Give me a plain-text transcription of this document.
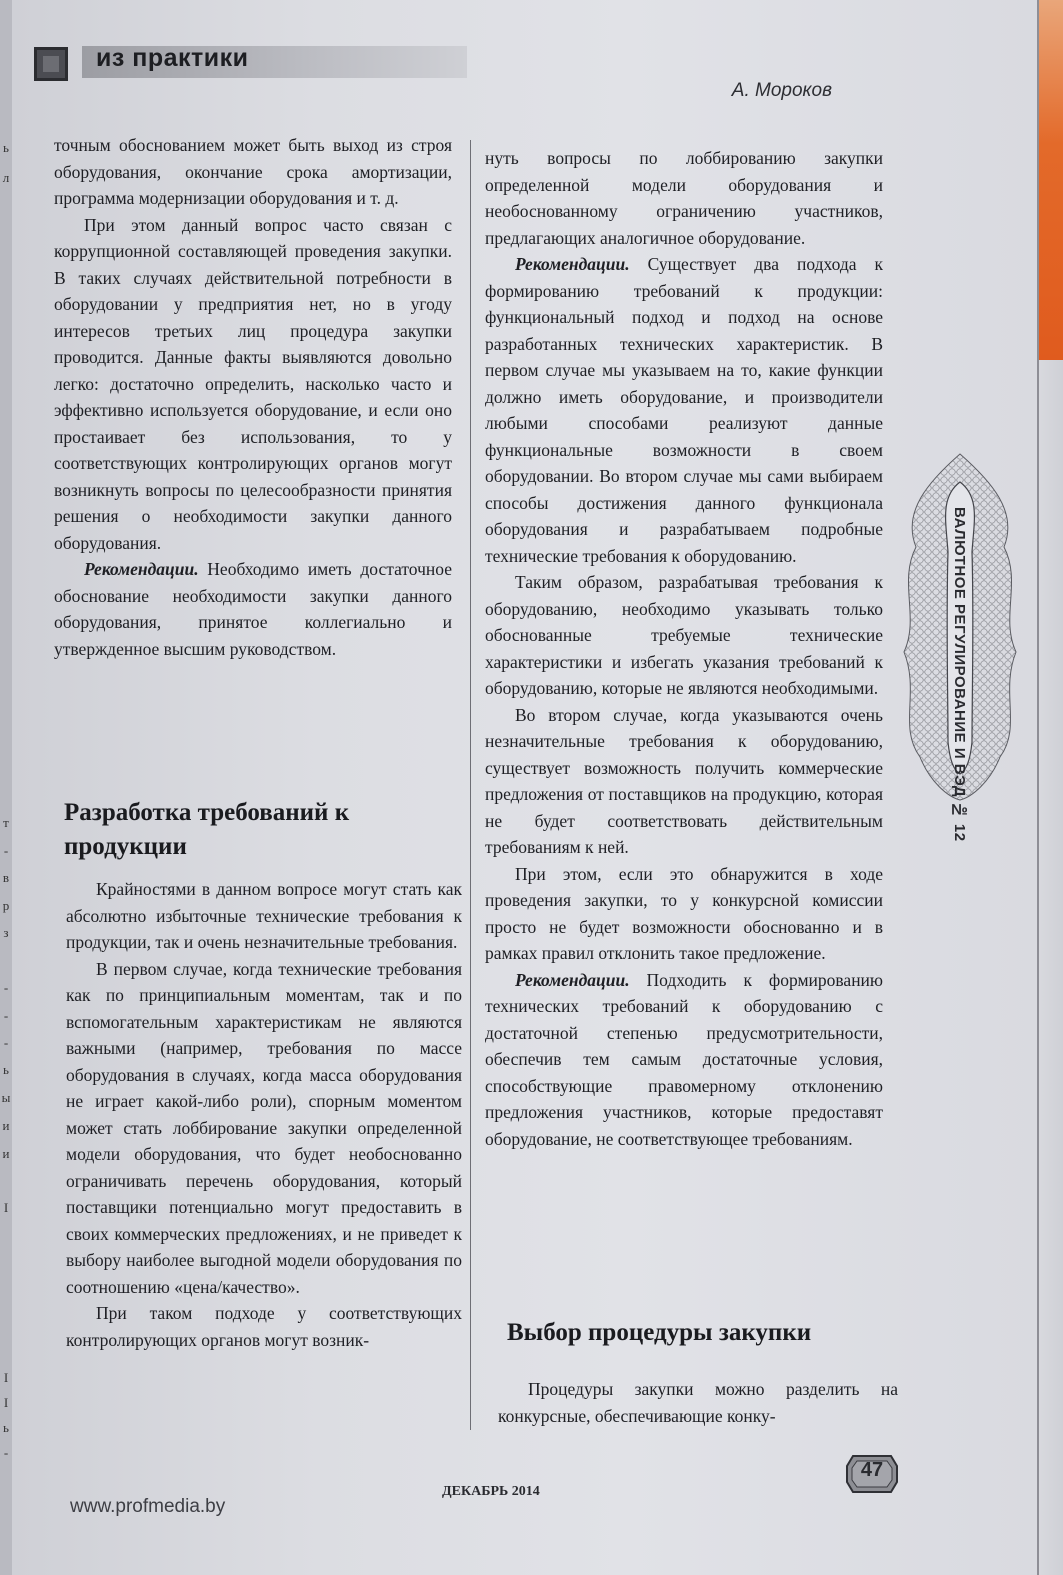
из практики
А. Мороков

точным обоснованием может быть выход из строя оборудования, окончание срока амортизации, программа модернизации оборудования и т. д.

При этом данный вопрос часто связан с коррупционной составляющей проведения закупки. В таких случаях действительной потребности в оборудовании у предприятия нет, но в угоду интересов третьих лиц процедура закупки проводится. Данные факты выявляются довольно легко: достаточно определить, насколько часто и эффективно используется оборудование, и если оно простаивает без использования, то у соответствующих контролирующих органов могут возникнуть вопросы по целесообразности принятия решения о необходимости закупки данного оборудования.

Рекомендации. Необходимо иметь достаточное обоснование необходимости закупки данного оборудования, принятое коллегиально и утвержденное высшим руководством.

Разработка требований к продукции

Крайностями в данном вопросе могут стать как абсолютно избыточные технические требования к продукции, так и очень незначительные требования.

В первом случае, когда технические требования как по принципиальным моментам, так и по вспомогательным характеристикам не являются важными (например, требования по массе оборудования в случаях, когда масса оборудования не играет какой-либо роли), спорным моментом может стать лоббирование закупки определенной модели оборудования, что будет необоснованно ограничивать перечень оборудования, который поставщики потенциально могут предоставить в своих коммерческих предложениях, и не приведет к выбору наиболее выгодной модели оборудования по соотношению «цена/качество».

При таком подходе у соответствующих контролирующих органов могут возник-

нуть вопросы по лоббированию закупки определенной модели оборудования и необоснованному ограничению участников, предлагающих аналогичное оборудование.

Рекомендации. Существует два подхода к формированию требований к продукции: функциональный подход и подход на основе разработанных технических характеристик. В первом случае мы указываем на то, какие функции должно иметь оборудование, и производители любыми способами реализуют данные функциональные возможности в своем оборудовании. Во втором случае мы сами выбираем способы достижения данного функционала оборудования и разрабатываем подробные технические требования к оборудованию.

Таким образом, разрабатывая требования к оборудованию, необходимо указывать только обоснованные требуемые технические характеристики и избегать указания требований к оборудованию, которые не являются необходимыми.

Во втором случае, когда указываются очень незначительные требования к оборудованию, существует возможность получить коммерческие предложения от поставщиков на продукцию, которая не будет соответствовать действительным требованиям к ней.

При этом, если это обнаружится в ходе проведения закупки, то у конкурсной комиссии просто не будет возможности обоснованно и в рамках правил отклонить такое предложение.

Рекомендации. Подходить к формированию технических требований к оборудованию с достаточной степенью предусмотрительности, обеспечив тем самым достаточные условия, способствующие правомерному отклонению предложения участников, которые предоставят оборудование, не соответствующее требованиям.

Выбор процедуры закупки

Процедуры закупки можно разделить на конкурсные, обеспечивающие конку-

ВАЛЮТНОЕ РЕГУЛИРОВАНИЕ И ВЭД № 12
www.profmedia.by
ДЕКАБРЬ 2014
47
ь
л
т
-
в
р
з
-
-
-
ь
ы
и
и
I
I
I
ь
-
